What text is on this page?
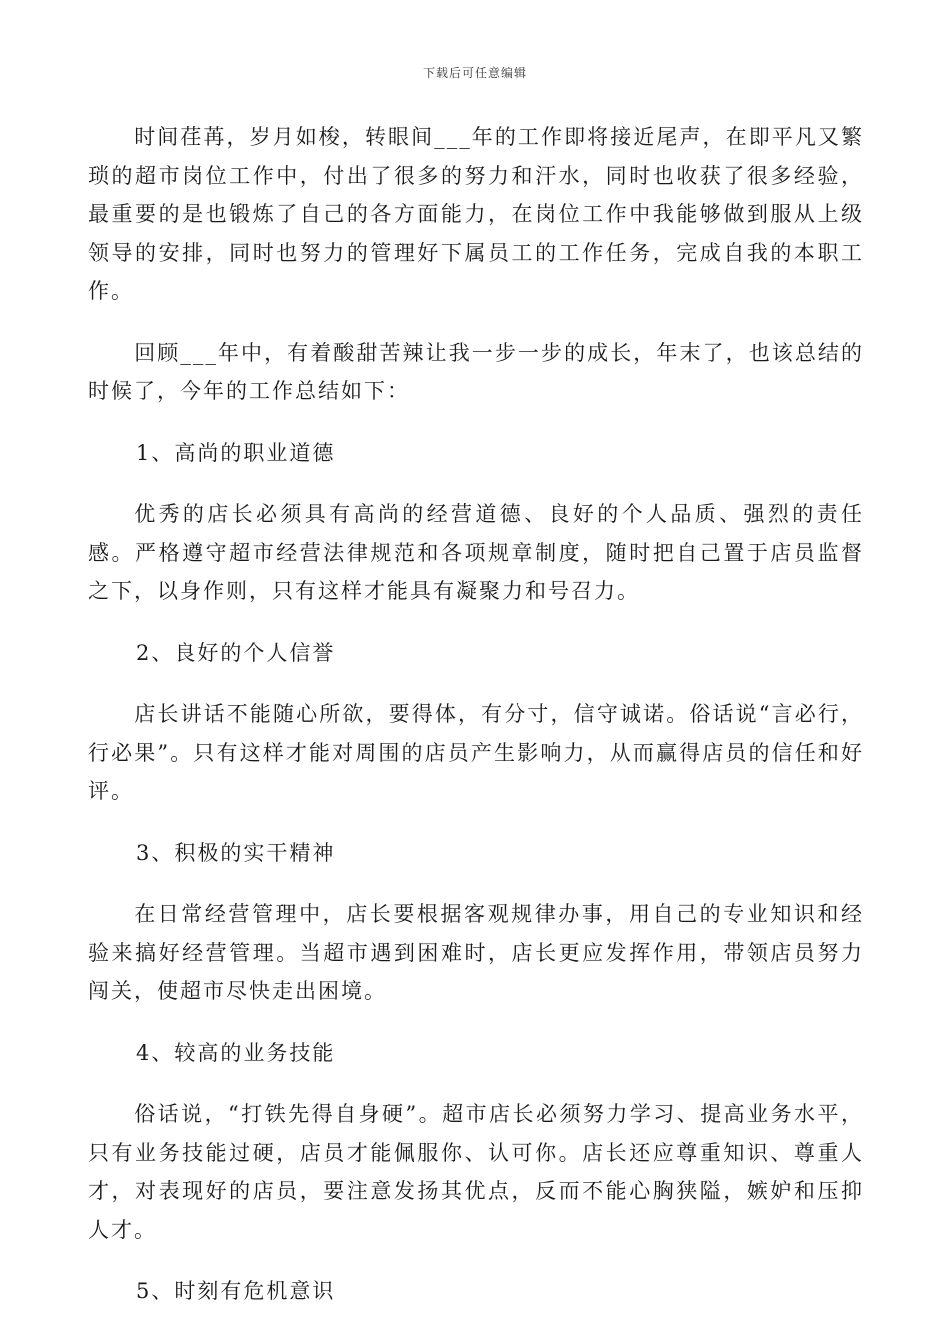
下载后可任意编辑

时间荏苒，岁月如梭，转眼间___年的工作即将接近尾声，在即平凡又繁琐的超市岗位工作中，付出了很多的努力和汗水，同时也收获了很多经验，最重要的是也锻炼了自己的各方面能力，在岗位工作中我能够做到服从上级领导的安排，同时也努力的管理好下属员工的工作任务，完成自我的本职工作。

回顾___年中，有着酸甜苦辣让我一步一步的成长，年末了，也该总结的时候了，今年的工作总结如下：

1、高尚的职业道德

优秀的店长必须具有高尚的经营道德、良好的个人品质、强烈的责任感。严格遵守超市经营法律规范和各项规章制度，随时把自己置于店员监督之下，以身作则，只有这样才能具有凝聚力和号召力。

2、良好的个人信誉

店长讲话不能随心所欲，要得体，有分寸，信守诚诺。俗话说“言必行，行必果”。只有这样才能对周围的店员产生影响力，从而赢得店员的信任和好评。

3、积极的实干精神

在日常经营管理中，店长要根据客观规律办事，用自己的专业知识和经验来搞好经营管理。当超市遇到困难时，店长更应发挥作用，带领店员努力闯关，使超市尽快走出困境。

4、较高的业务技能

俗话说，“打铁先得自身硬”。超市店长必须努力学习、提高业务水平，只有业务技能过硬，店员才能佩服你、认可你。店长还应尊重知识、尊重人才，对表现好的店员，要注意发扬其优点，反而不能心胸狭隘，嫉妒和压抑人才。

5、时刻有危机意识
